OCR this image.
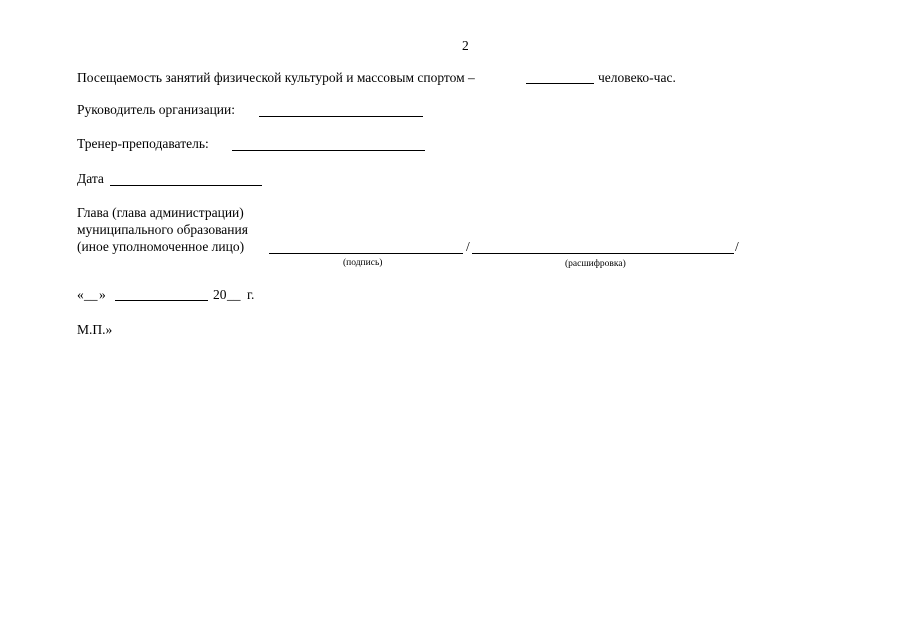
2
Посещаемость занятий физической культурой и массовым спортом –	человеко-час.
Руководитель организации:
Тренер-преподаватель:
Дата
Глава (глава администрации)
муниципального образования
(иное уполномоченное лицо)	/	/
(подпись)	(расшифровка)
« __ »	20 __ г.
М.П.»
